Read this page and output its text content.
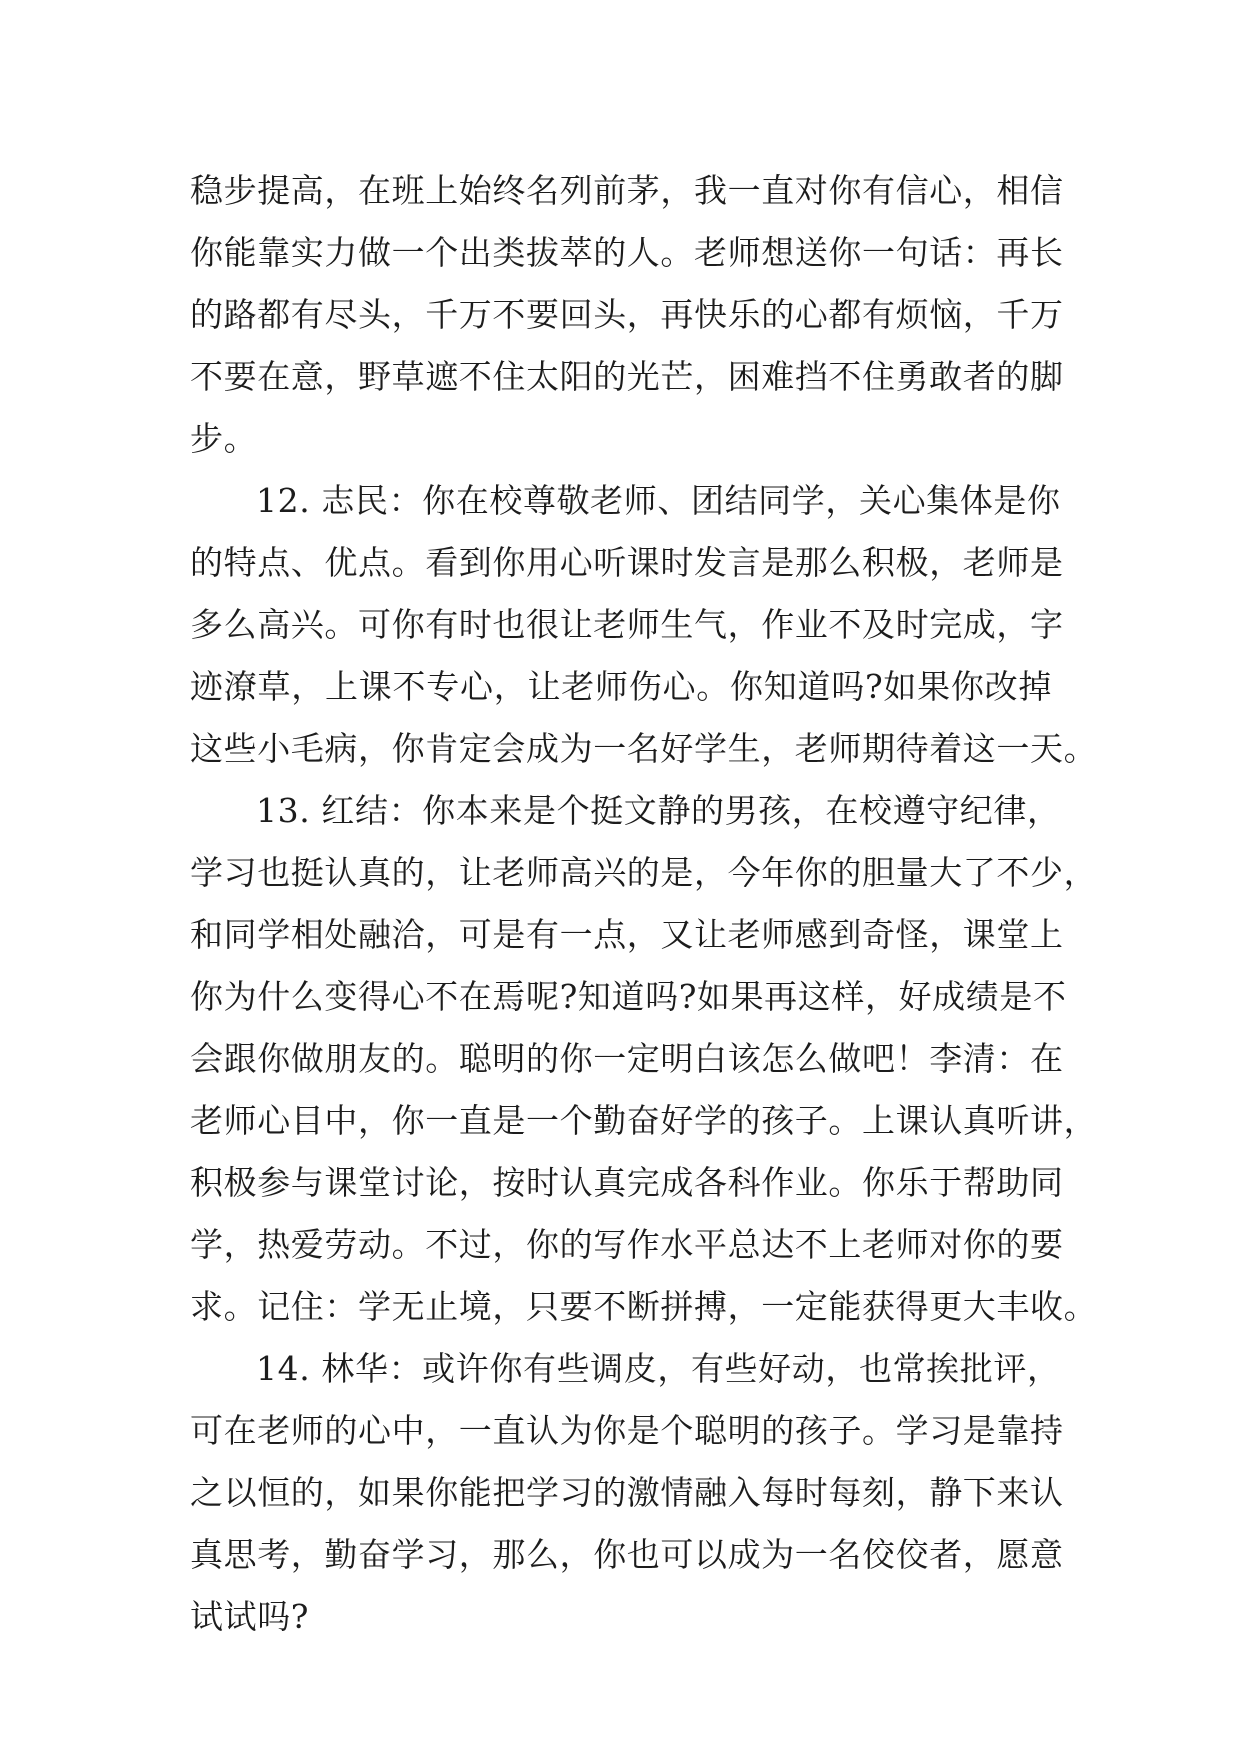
稳步提高，在班上始终名列前茅，我一直对你有信心，相信
你能靠实力做一个出类拔萃的人。老师想送你一句话：再长
的路都有尽头，千万不要回头，再快乐的心都有烦恼，千万
不要在意，野草遮不住太阳的光芒，困难挡不住勇敢者的脚
步。
12. 志民：你在校尊敬老师、团结同学，关心集体是你
的特点、优点。看到你用心听课时发言是那么积极，老师是
多么高兴。可你有时也很让老师生气，作业不及时完成，字
迹潦草，上课不专心，让老师伤心。你知道吗?如果你改掉
这些小毛病，你肯定会成为一名好学生，老师期待着这一天。
13. 红结：你本来是个挺文静的男孩，在校遵守纪律，
学习也挺认真的，让老师高兴的是，今年你的胆量大了不少，
和同学相处融洽，可是有一点，又让老师感到奇怪，课堂上
你为什么变得心不在焉呢?知道吗?如果再这样，好成绩是不
会跟你做朋友的。聪明的你一定明白该怎么做吧！李清：在
老师心目中，你一直是一个勤奋好学的孩子。上课认真听讲，
积极参与课堂讨论，按时认真完成各科作业。你乐于帮助同
学，热爱劳动。不过，你的写作水平总达不上老师对你的要
求。记住：学无止境，只要不断拼搏，一定能获得更大丰收。
14. 林华：或许你有些调皮，有些好动，也常挨批评，
可在老师的心中，一直认为你是个聪明的孩子。学习是靠持
之以恒的，如果你能把学习的激情融入每时每刻，静下来认
真思考，勤奋学习，那么，你也可以成为一名佼佼者，愿意
试试吗?
